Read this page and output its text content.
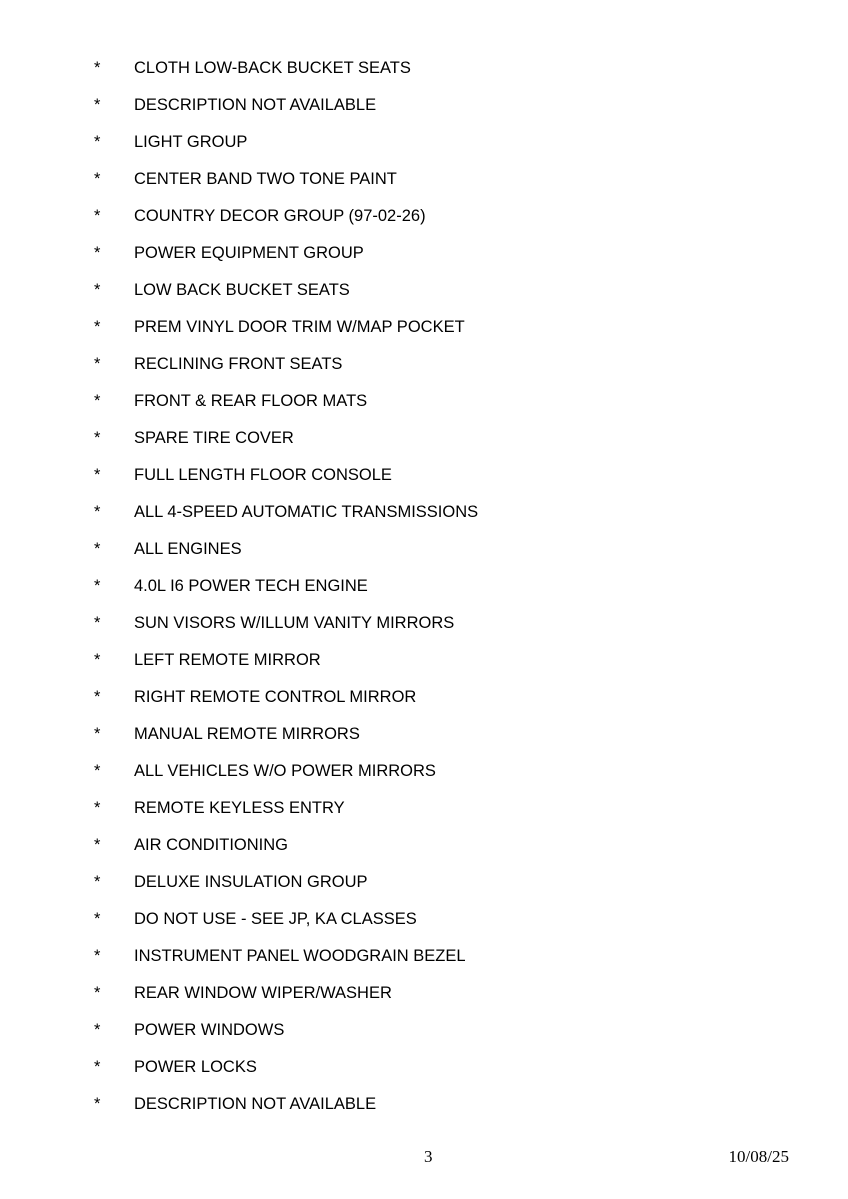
* CLOTH LOW-BACK BUCKET SEATS
* DESCRIPTION NOT AVAILABLE
* LIGHT GROUP
* CENTER BAND TWO TONE PAINT
* COUNTRY DECOR GROUP (97-02-26)
* POWER EQUIPMENT GROUP
* LOW BACK BUCKET SEATS
* PREM VINYL DOOR TRIM W/MAP POCKET
* RECLINING FRONT SEATS
* FRONT & REAR FLOOR MATS
* SPARE TIRE COVER
* FULL LENGTH FLOOR CONSOLE
* ALL 4-SPEED AUTOMATIC TRANSMISSIONS
* ALL ENGINES
* 4.0L I6 POWER TECH ENGINE
* SUN VISORS W/ILLUM VANITY MIRRORS
* LEFT REMOTE MIRROR
* RIGHT REMOTE CONTROL MIRROR
* MANUAL REMOTE MIRRORS
* ALL VEHICLES W/O POWER MIRRORS
* REMOTE KEYLESS ENTRY
* AIR CONDITIONING
* DELUXE INSULATION GROUP
* DO NOT USE - SEE JP, KA CLASSES
* INSTRUMENT PANEL WOODGRAIN BEZEL
* REAR WINDOW WIPER/WASHER
* POWER WINDOWS
* POWER LOCKS
* DESCRIPTION NOT AVAILABLE
3	10/08/25
